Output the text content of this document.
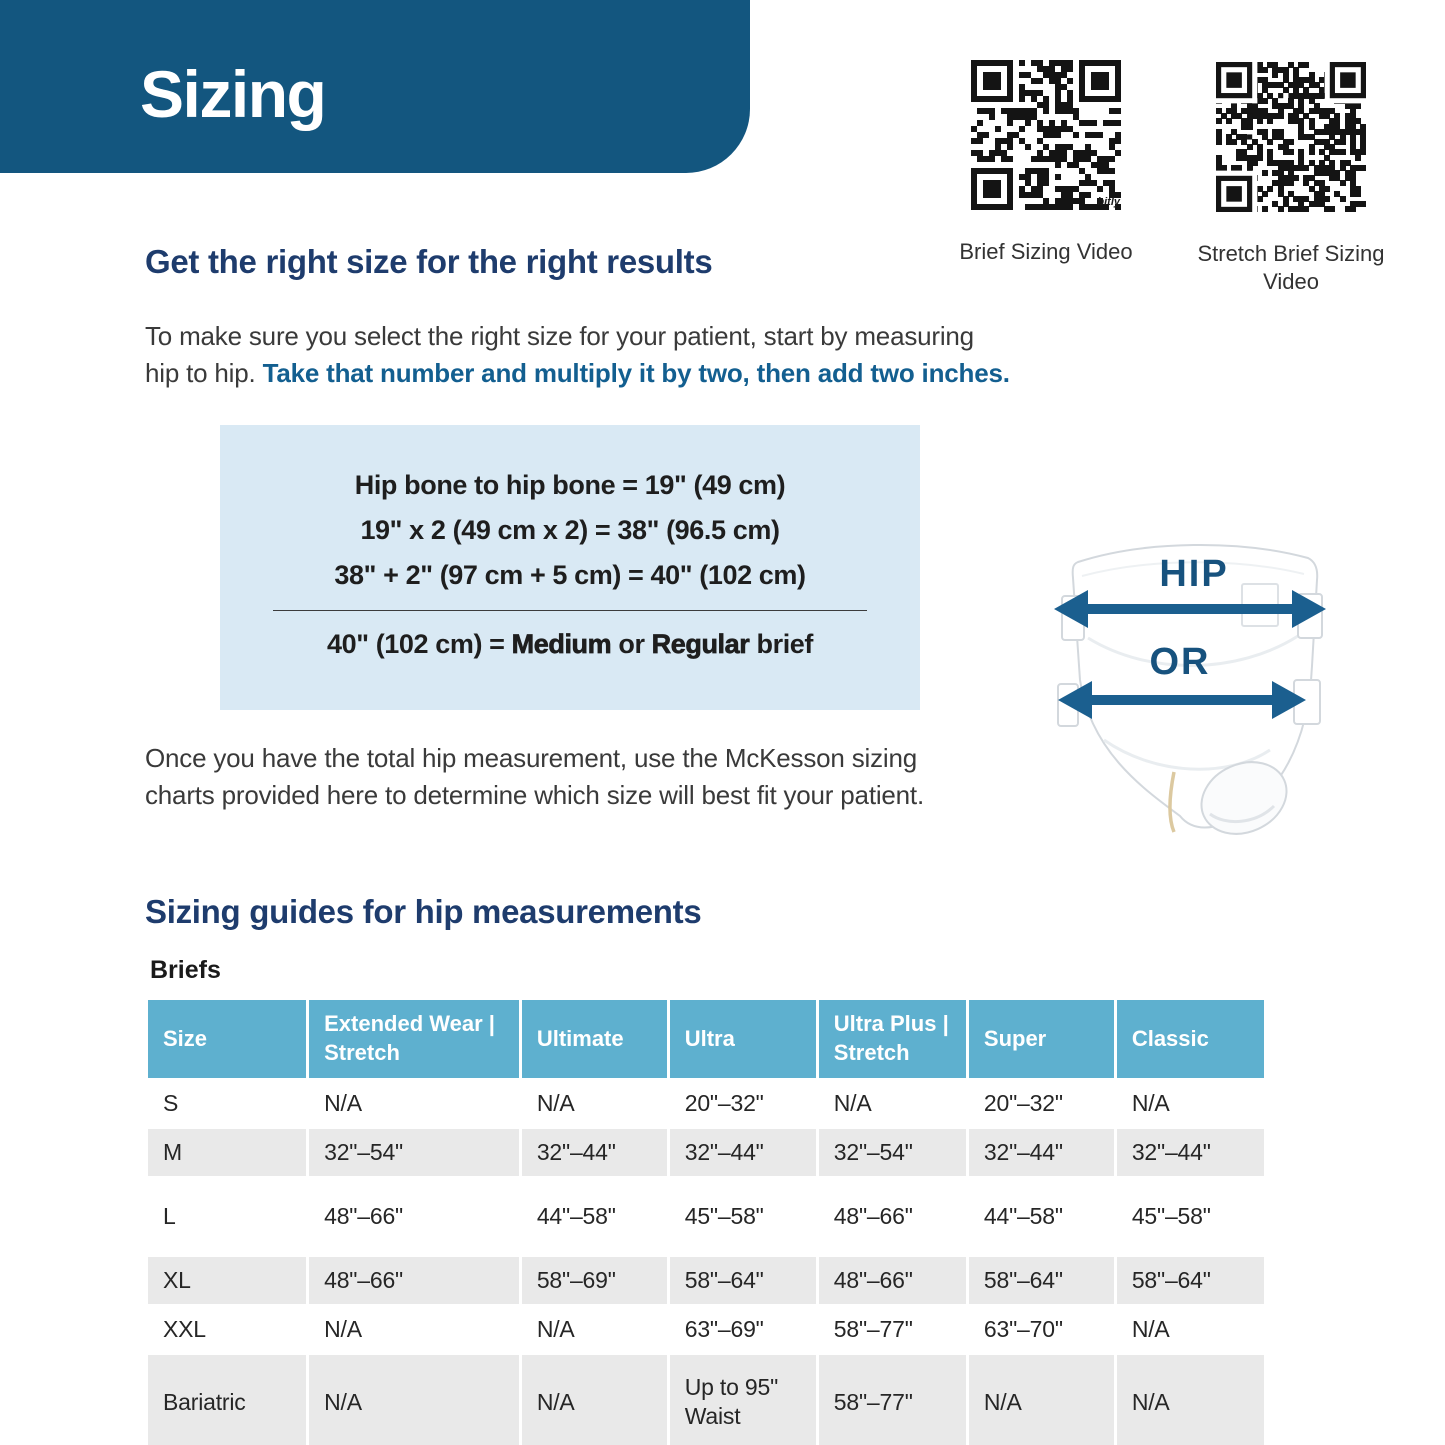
Sizing
bitly
Brief Sizing Video	Stretch Brief Sizing Video
Get the right size for the right results

To make sure you select the right size for your patient, start by measuring
hip to hip. Take that number and multiply it by two, then add two inches.

Hip bone to hip bone = 19" (49 cm)
19" x 2 (49 cm x 2) = 38" (96.5 cm)
38" + 2" (97 cm + 5 cm) = 40" (102 cm)
40" (102 cm) = Medium or Regular brief
HIP
OR

Once you have the total hip measurement, use the McKesson sizing
charts provided here to determine which size will best fit your patient.

Sizing guides for hip measurements
Briefs
Size	Extended Wear | Stretch	Ultimate	Ultra	Ultra Plus | Stretch	Super	Classic
S	N/A	N/A	20"–32"	N/A	20"–32"	N/A
M	32"–54"	32"–44"	32"–44"	32"–54"	32"–44"	32"–44"
L	48"–66"	44"–58"	45"–58"	48"–66"	44"–58"	45"–58"
XL	48"–66"	58"–69"	58"–64"	48"–66"	58"–64"	58"–64"
XXL	N/A	N/A	63"–69"	58"–77"	63"–70"	N/A
Bariatric	N/A	N/A	Up to 95" Waist	58"–77"	N/A	N/A
